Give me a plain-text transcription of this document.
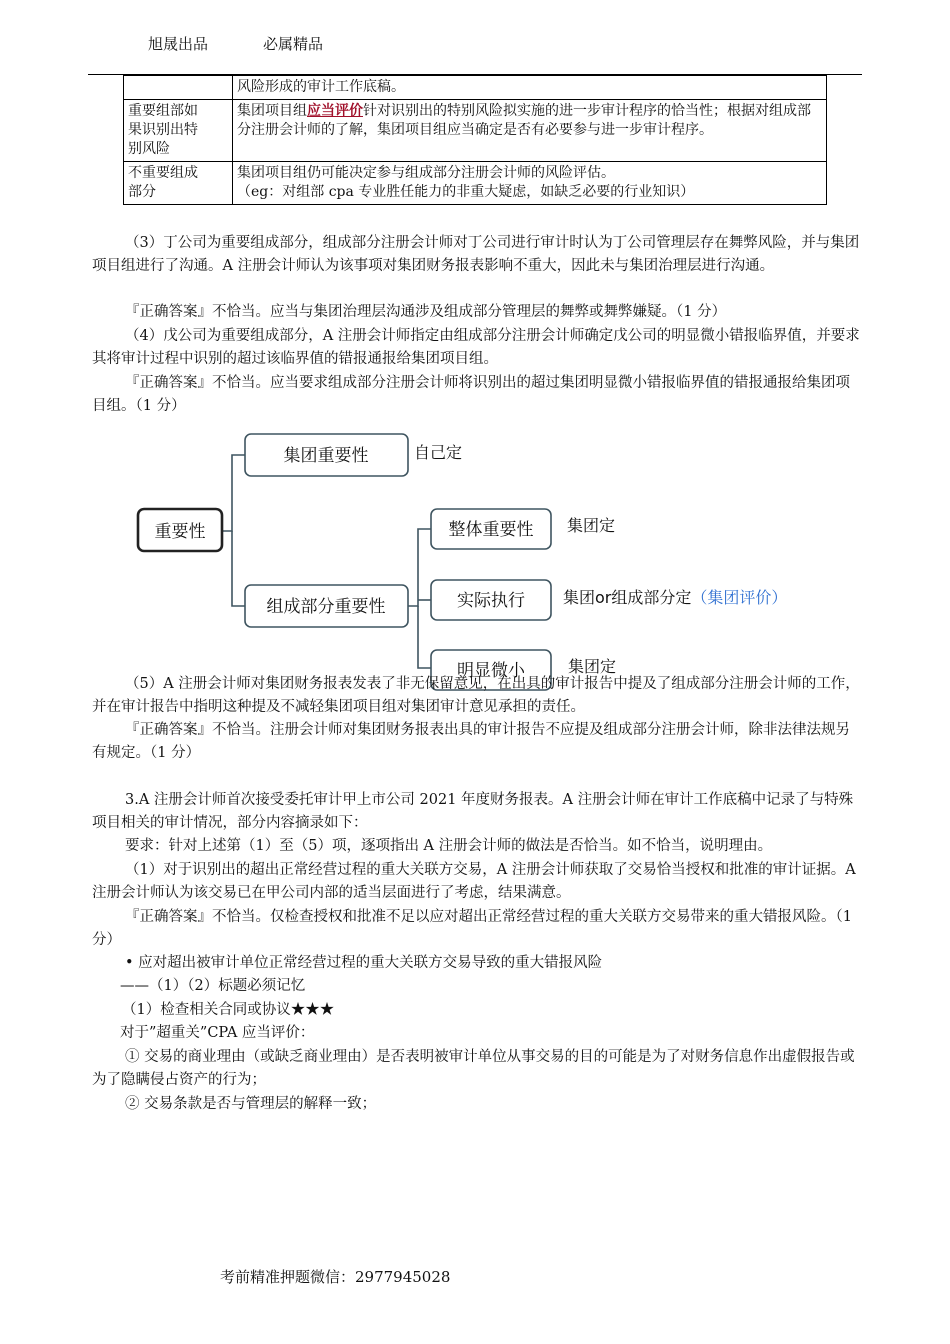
旭晟出品	必属精品
	风险形成的审计工作底稿。
重要组部如
果识别出特
别风险	集团项目组应当评价针对识别出的特别风险拟实施的进一步审计程序的恰当性；根据对组成部分注册会计师的了解，集团项目组应当确定是否有必要参与进一步审计程序。
不重要组成
部分	集团项目组仍可能决定参与组成部分注册会计师的风险评估。
（eg：对组部 cpa 专业胜任能力的非重大疑虑，如缺乏必要的行业知识）

（3）丁公司为重要组成部分，组成部分注册会计师对丁公司进行审计时认为丁公司管理层存在舞弊风险，并与集团项目组进行了沟通。A 注册会计师认为该事项对集团财务报表影响不重大，因此未与集团治理层进行沟通。

『正确答案』不恰当。应当与集团治理层沟通涉及组成部分管理层的舞弊或舞弊嫌疑。（1 分）

（4）戊公司为重要组成部分，A 注册会计师指定由组成部分注册会计师确定戊公司的明显微小错报临界值，并要求其将审计过程中识别的超过该临界值的错报通报给集团项目组。

『正确答案』不恰当。应当要求组成部分注册会计师将识别出的超过集团明显微小错报临界值的错报通报给集团项目组。（1 分）

重要性
集团重要性	自己定
组成部分重要性
整体重要性 集团定
实际执行 集团or组成部分定（集团评价）
明显微小	集团定

（5）A 注册会计师对集团财务报表发表了非无保留意见，在出具的审计报告中提及了组成部分注册会计师的工作，并在审计报告中指明这种提及不减轻集团项目组对集团审计意见承担的责任。

『正确答案』不恰当。注册会计师对集团财务报表出具的审计报告不应提及组成部分注册会计师，除非法律法规另有规定。（1 分）

3.A 注册会计师首次接受委托审计甲上市公司 2021 年度财务报表。A 注册会计师在审计工作底稿中记录了与特殊项目相关的审计情况，部分内容摘录如下：

要求：针对上述第（1）至（5）项，逐项指出 A 注册会计师的做法是否恰当。如不恰当，说明理由。

（1）对于识别出的超出正常经营过程的重大关联方交易，A 注册会计师获取了交易恰当授权和批准的审计证据。A 注册会计师认为该交易已在甲公司内部的适当层面进行了考虑，结果满意。

『正确答案』不恰当。仅检查授权和批准不足以应对超出正常经营过程的重大关联方交易带来的重大错报风险。（1 分）

• 应对超出被审计单位正常经营过程的重大关联方交易导致的重大错报风险

——（1）（2）标题必须记忆

（1）检查相关合同或协议★★★

对于”超重关”CPA 应当评价：

① 交易的商业理由（或缺乏商业理由）是否表明被审计单位从事交易的目的可能是为了对财务信息作出虚假报告或为了隐瞒侵占资产的行为；

② 交易条款是否与管理层的解释一致；

考前精准押题微信：2977945028
